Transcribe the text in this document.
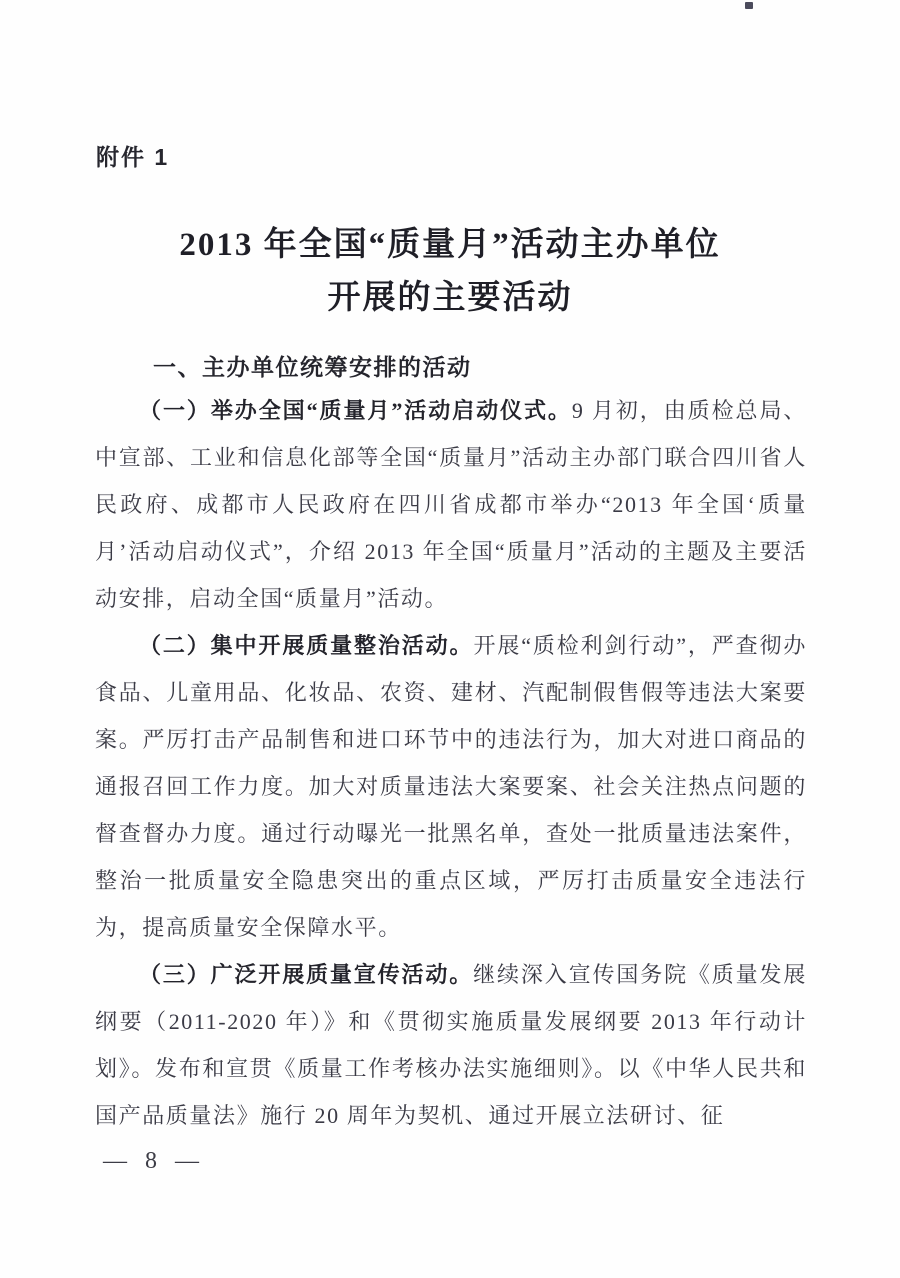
附件 1
2013 年全国“质量月”活动主办单位
开展的主要活动
一、主办单位统筹安排的活动

（一）举办全国“质量月”活动启动仪式。9 月初，由质检总局、中宣部、工业和信息化部等全国“质量月”活动主办部门联合四川省人民政府、成都市人民政府在四川省成都市举办“2013 年全国‘质量月’活动启动仪式”，介绍 2013 年全国“质量月”活动的主题及主要活动安排，启动全国“质量月”活动。

（二）集中开展质量整治活动。开展“质检利剑行动”，严查彻办食品、儿童用品、化妆品、农资、建材、汽配制假售假等违法大案要案。严厉打击产品制售和进口环节中的违法行为，加大对进口商品的通报召回工作力度。加大对质量违法大案要案、社会关注热点问题的督查督办力度。通过行动曝光一批黑名单，查处一批质量违法案件，整治一批质量安全隐患突出的重点区域，严厉打击质量安全违法行为，提高质量安全保障水平。

（三）广泛开展质量宣传活动。继续深入宣传国务院《质量发展纲要（2011-2020 年）》和《贯彻实施质量发展纲要 2013 年行动计划》。发布和宣贯《质量工作考核办法实施细则》。以《中华人民共和国产品质量法》施行 20 周年为契机、通过开展立法研讨、征

— 8 —
